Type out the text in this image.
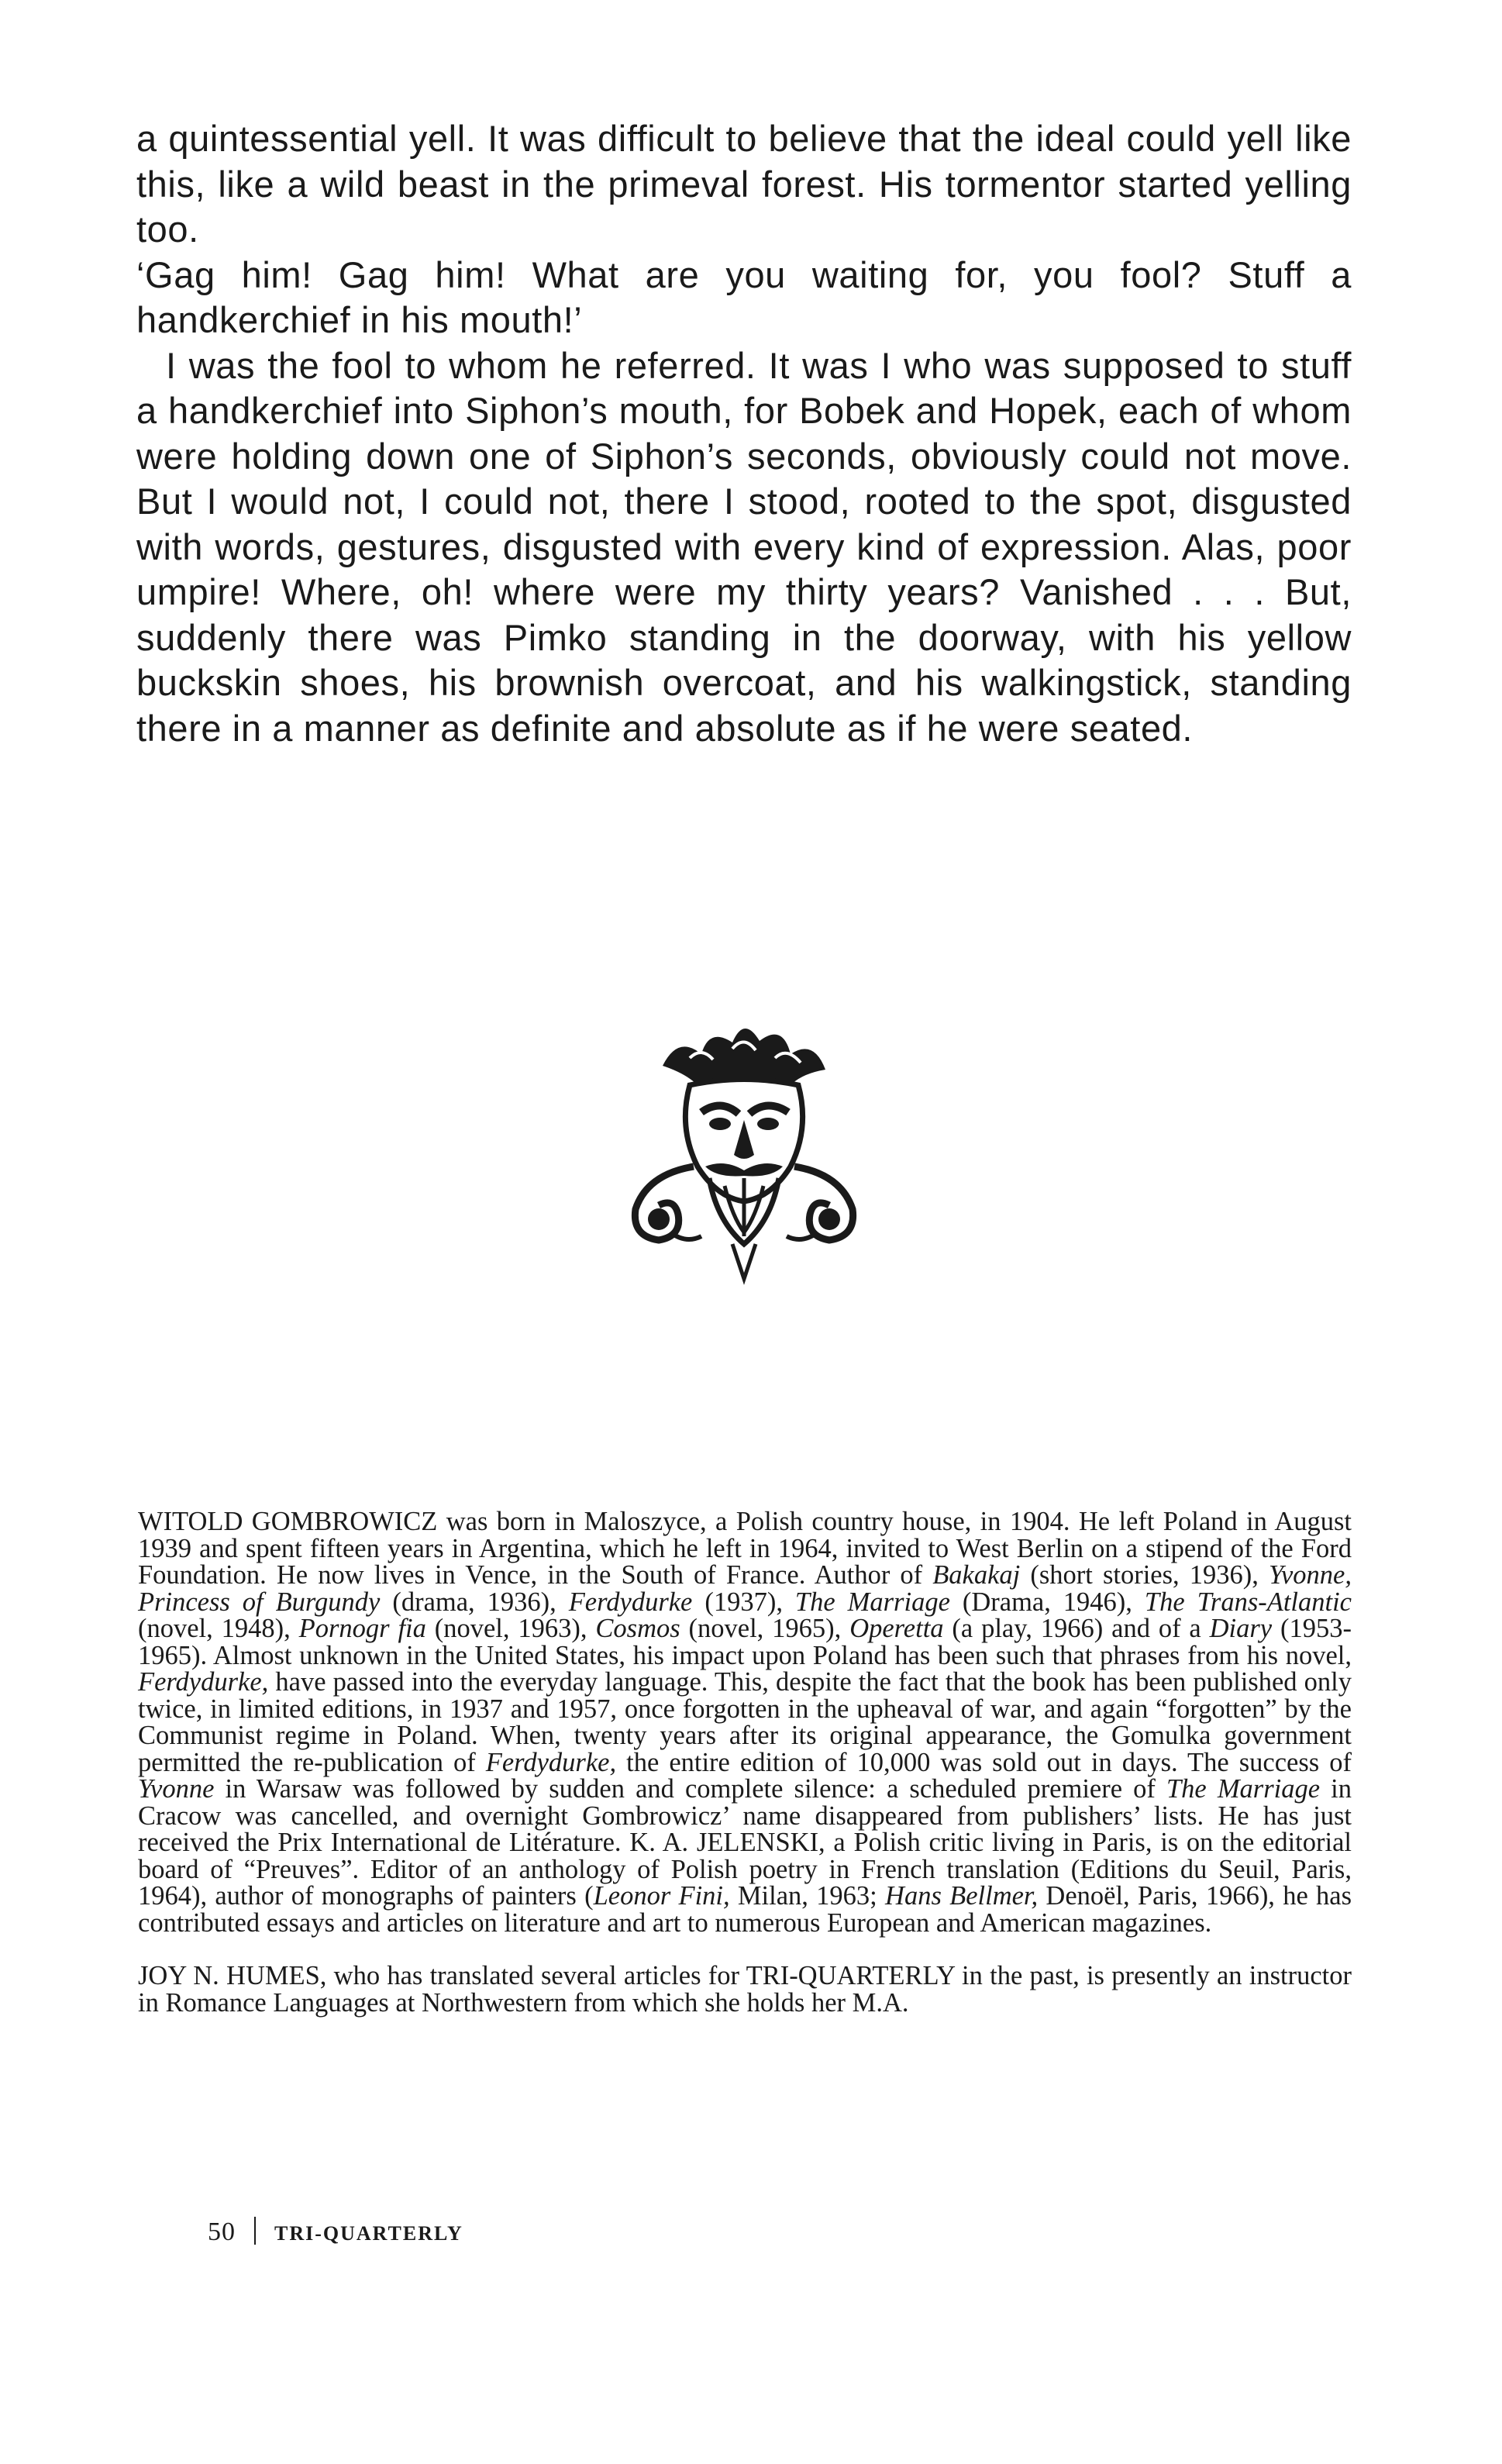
a quintessential yell. It was difficult to believe that the ideal could yell like this, like a wild beast in the primeval forest. His tormentor started yelling too.

‘Gag him! Gag him! What are you waiting for, you fool? Stuff a handkerchief in his mouth!’

I was the fool to whom he referred. It was I who was supposed to stuff a handkerchief into Siphon’s mouth, for Bobek and Hopek, each of whom were holding down one of Siphon’s seconds, obviously could not move. But I would not, I could not, there I stood, rooted to the spot, disgusted with words, gestures, disgusted with every kind of expression. Alas, poor umpire! Where, oh! where were my thirty years? Vanished . . . But, suddenly there was Pimko standing in the doorway, with his yellow buckskin shoes, his brownish overcoat, and his walkingstick, standing there in a manner as definite and absolute as if he were seated.

WITOLD GOMBROWICZ was born in Maloszyce, a Polish country house, in 1904. He left Poland in August 1939 and spent fifteen years in Argentina, which he left in 1964, invited to West Berlin on a stipend of the Ford Foundation. He now lives in Vence, in the South of France. Author of Bakakaj (short stories, 1936), Yvonne, Princess of Burgundy (drama, 1936), Ferdydurke (1937), The Marriage (Drama, 1946), The Trans-Atlantic (novel, 1948), Pornogr fia (novel, 1963), Cosmos (novel, 1965), Operetta (a play, 1966) and of a Diary (1953-1965). Almost unknown in the United States, his impact upon Poland has been such that phrases from his novel, Ferdydurke, have passed into the everyday language. This, despite the fact that the book has been published only twice, in limited editions, in 1937 and 1957, once forgotten in the upheaval of war, and again “forgotten” by the Communist regime in Poland. When, twenty years after its original appearance, the Gomulka government permitted the re-publication of Ferdydurke, the entire edition of 10,000 was sold out in days. The success of Yvonne in Warsaw was followed by sudden and complete silence: a scheduled premiere of The Marriage in Cracow was cancelled, and overnight Gombrowicz’ name disappeared from publishers’ lists. He has just received the Prix International de Litérature. K. A. JELENSKI, a Polish critic living in Paris, is on the editorial board of “Preuves”. Editor of an anthology of Polish poetry in French translation (Editions du Seuil, Paris, 1964), author of monographs of painters (Leonor Fini, Milan, 1963; Hans Bellmer, Denoël, Paris, 1966), he has contributed essays and articles on literature and art to numerous European and American magazines.

JOY N. HUMES, who has translated several articles for TRI-QUARTERLY in the past, is presently an instructor in Romance Languages at Northwestern from which she holds her M.A.

50 TRI-QUARTERLY
